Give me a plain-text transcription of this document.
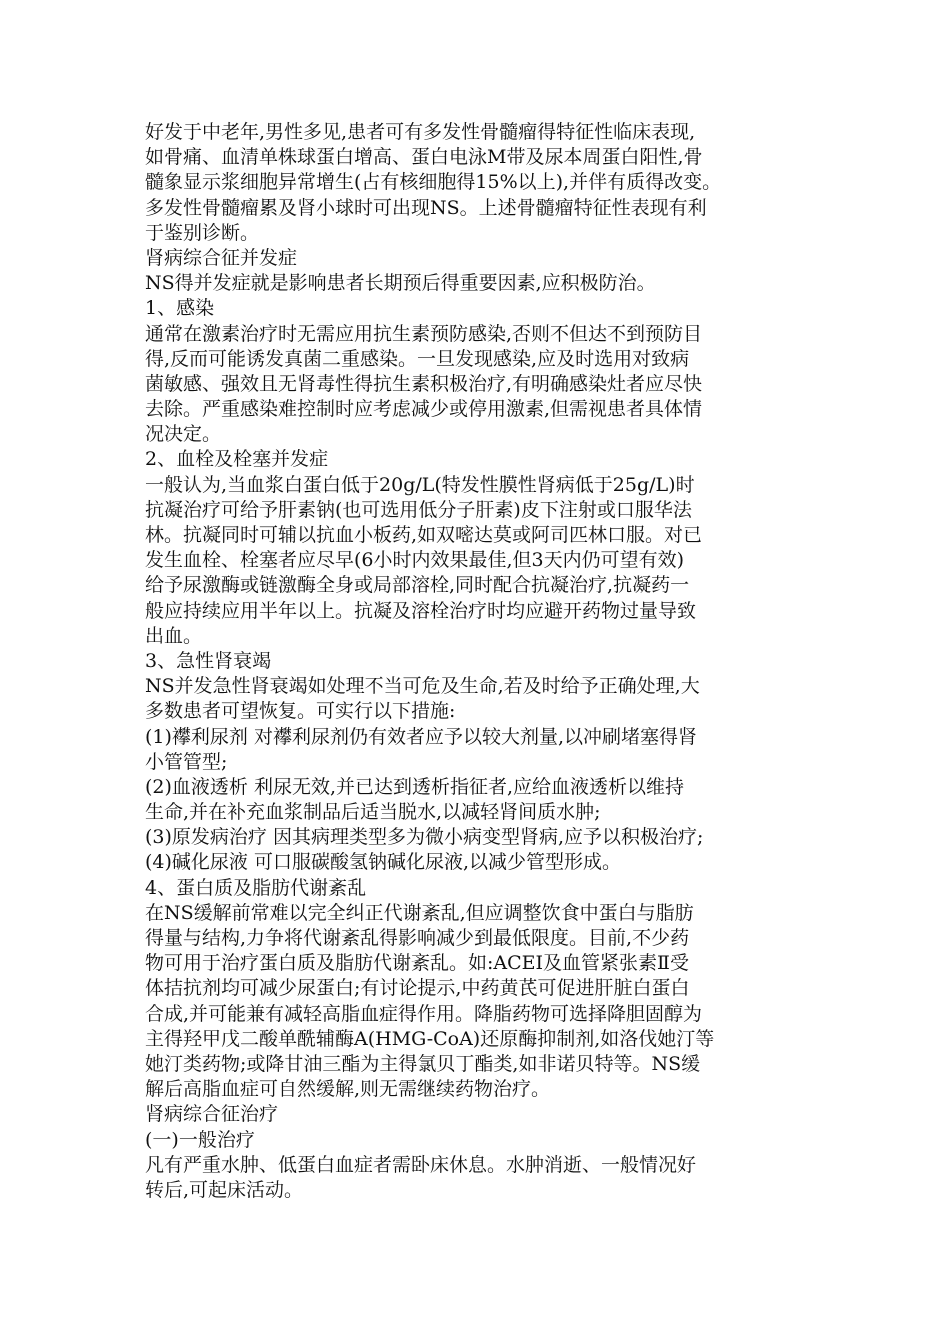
好发于中老年,男性多见,患者可有多发性骨髓瘤得特征性临床表现,
如骨痛、血清单株球蛋白增高、蛋白电泳M带及尿本周蛋白阳性,骨
髓象显示浆细胞异常增生(占有核细胞得15%以上),并伴有质得改变。
多发性骨髓瘤累及肾小球时可出现NS。上述骨髓瘤特征性表现有利
于鉴别诊断。
肾病综合征并发症
NS得并发症就是影响患者长期预后得重要因素,应积极防治。
1、感染
通常在激素治疗时无需应用抗生素预防感染,否则不但达不到预防目
得,反而可能诱发真菌二重感染。一旦发现感染,应及时选用对致病
菌敏感、强效且无肾毒性得抗生素积极治疗,有明确感染灶者应尽快
去除。严重感染难控制时应考虑减少或停用激素,但需视患者具体情
况决定。
2、血栓及栓塞并发症
一般认为,当血浆白蛋白低于20g/L(特发性膜性肾病低于25g/L)时
抗凝治疗可给予肝素钠(也可选用低分子肝素)皮下注射或口服华法
林。抗凝同时可辅以抗血小板药,如双嘧达莫或阿司匹林口服。对已
发生血栓、栓塞者应尽早(6小时内效果最佳,但3天内仍可望有效)
给予尿激酶或链激酶全身或局部溶栓,同时配合抗凝治疗,抗凝药一
般应持续应用半年以上。抗凝及溶栓治疗时均应避开药物过量导致
出血。
3、急性肾衰竭
NS并发急性肾衰竭如处理不当可危及生命,若及时给予正确处理,大
多数患者可望恢复。可实行以下措施:
(1)襻利尿剂 对襻利尿剂仍有效者应予以较大剂量,以冲刷堵塞得肾
小管管型;
(2)血液透析 利尿无效,并已达到透析指征者,应给血液透析以维持
生命,并在补充血浆制品后适当脱水,以减轻肾间质水肿;
(3)原发病治疗 因其病理类型多为微小病变型肾病,应予以积极治疗;
(4)碱化尿液 可口服碳酸氢钠碱化尿液,以减少管型形成。
4、蛋白质及脂肪代谢紊乱
在NS缓解前常难以完全纠正代谢紊乱,但应调整饮食中蛋白与脂肪
得量与结构,力争将代谢紊乱得影响减少到最低限度。目前,不少药
物可用于治疗蛋白质及脂肪代谢紊乱。如:ACEI及血管紧张素Ⅱ受
体拮抗剂均可减少尿蛋白;有讨论提示,中药黄芪可促进肝脏白蛋白
合成,并可能兼有减轻高脂血症得作用。降脂药物可选择降胆固醇为
主得羟甲戊二酸单酰辅酶A(HMG-CoA)还原酶抑制剂,如洛伐她汀等
她汀类药物;或降甘油三酯为主得氯贝丁酯类,如非诺贝特等。NS缓
解后高脂血症可自然缓解,则无需继续药物治疗。
肾病综合征治疗
(一)一般治疗
凡有严重水肿、低蛋白血症者需卧床休息。水肿消逝、一般情况好
转后,可起床活动。
